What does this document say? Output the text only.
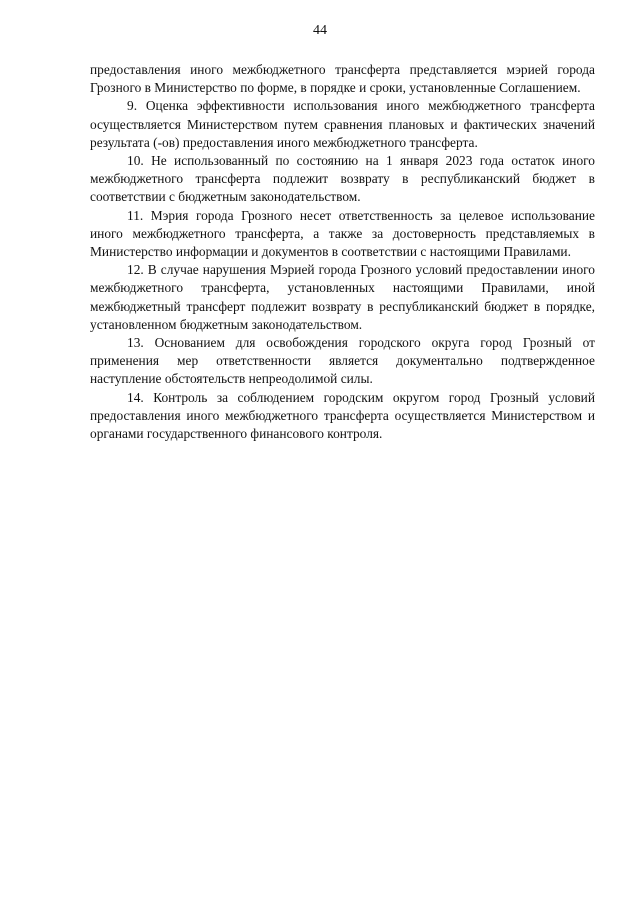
44

предоставления иного межбюджетного трансферта представляется мэрией города Грозного в Министерство по форме, в порядке и сроки, установленные Соглашением.

9. Оценка эффективности использования иного межбюджетного трансферта осуществляется Министерством путем сравнения плановых и фактических значений результата (-ов) предоставления иного межбюджетного трансферта.

10. Не использованный по состоянию на 1 января 2023 года остаток иного межбюджетного трансферта подлежит возврату в республиканский бюджет в соответствии с бюджетным законодательством.

11. Мэрия города Грозного несет ответственность за целевое использование иного межбюджетного трансферта, а также за достоверность представляемых в Министерство информации и документов в соответствии с настоящими Правилами.

12. В случае нарушения Мэрией города Грозного условий предоставлении иного межбюджетного трансферта, установленных настоящими Правилами, иной межбюджетный трансферт подлежит возврату в республиканский бюджет в порядке, установленном бюджетным законодательством.

13. Основанием для освобождения городского округа город Грозный от применения мер ответственности является документально подтвержденное наступление обстоятельств непреодолимой силы.

14. Контроль за соблюдением городским округом город Грозный условий предоставления иного межбюджетного трансферта осуществляется Министерством и органами государственного финансового контроля.
